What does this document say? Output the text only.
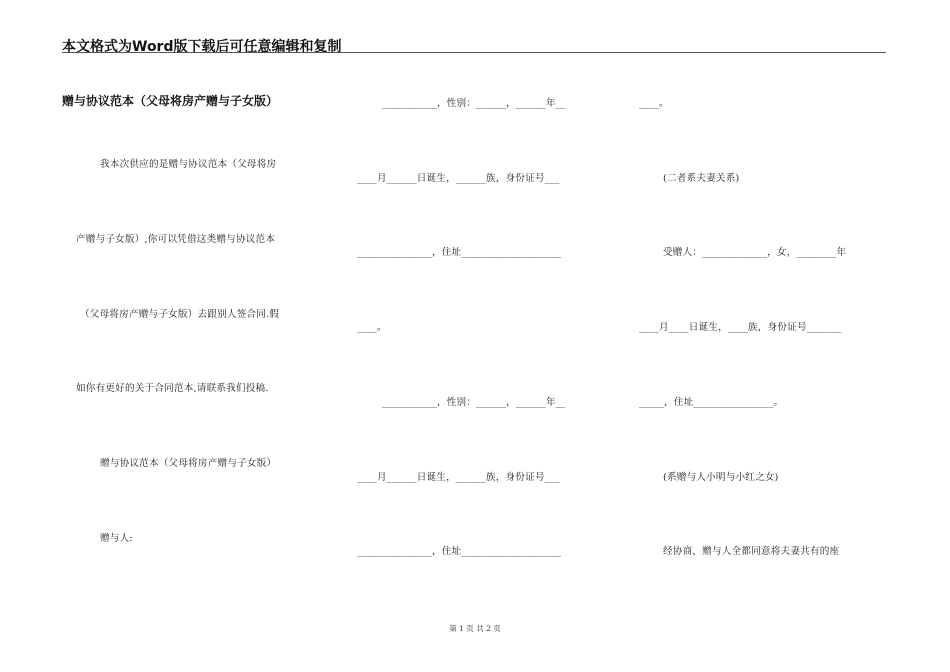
本文格式为Word版下载后可任意编辑和复制
赠与协议范本（父母将房产赠与子女版）
我本次供应的是赠与协议范本（父母将房
产赠与子女版）,你可以凭借这类赠与协议范本
（父母将房产赠与子女版）去跟别人签合同.假
如你有更好的关于合同范本,请联系我们投稿.
赠与协议范本（父母将房产赠与子女版）
赠与人:
___________，性别：______，______年__
____月______日诞生，______族，身份证号___
_______________，住址____________________
____。
___________，性别：______，______年__
____月______日诞生，______族，身份证号___
_______________，住址____________________
____。
(二者系夫妻关系)
受赠人：_____________，女，________年
____月____日诞生，____族，身份证号_______
_____，住址________________。
(系赠与人小明与小红之女)
经协商，赠与人全都同意将夫妻共有的座
第 1 页 共 2 页
